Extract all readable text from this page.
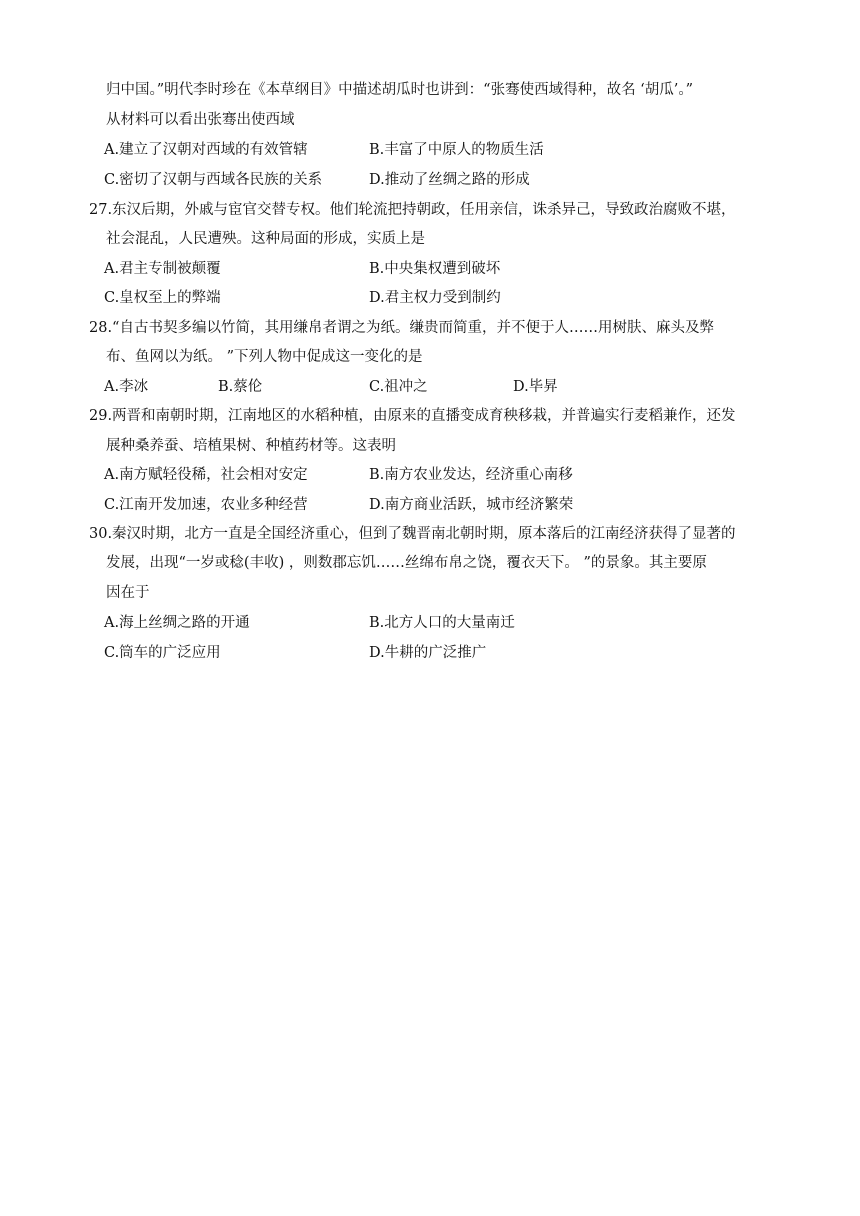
归中国。”明代李时珍在《本草纲目》中描述胡瓜时也讲到：“张骞使西域得种，故名 ‘胡瓜’。”
从材料可以看出张骞出使西域
A.建立了汉朝对西域的有效管辖	B.丰富了中原人的物质生活
C.密切了汉朝与西域各民族的关系	D.推动了丝绸之路的形成
27.东汉后期，外戚与宦官交替专权。他们轮流把持朝政，任用亲信，诛杀异己，导致政治腐败不堪，
社会混乱，人民遭殃。这种局面的形成，实质上是
A.君主专制被颠覆	B.中央集权遭到破坏
C.皇权至上的弊端	D.君主权力受到制约
28.“自古书契多编以竹简，其用缣帛者谓之为纸。缣贵而简重，并不便于人……用树肤、麻头及弊
布、鱼网以为纸。 ”下列人物中促成这一变化的是
A.李冰	B.蔡伦	C.祖冲之	D.毕昇
29.两晋和南朝时期，江南地区的水稻种植，由原来的直播变成育秧移栽，并普遍实行麦稻兼作，还发
展种桑养蚕、培植果树、种植药材等。这表明
A.南方赋轻役稀，社会相对安定	B.南方农业发达，经济重心南移
C.江南开发加速，农业多种经营	D.南方商业活跃，城市经济繁荣
30.秦汉时期，北方一直是全国经济重心，但到了魏晋南北朝时期，原本落后的江南经济获得了显著的
发展，出现“一岁或稔(丰收) ，则数郡忘饥……丝绵布帛之饶，覆衣天下。 ”的景象。其主要原
因在于
A.海上丝绸之路的开通	B.北方人口的大量南迁
C.筒车的广泛应用	D.牛耕的广泛推广
